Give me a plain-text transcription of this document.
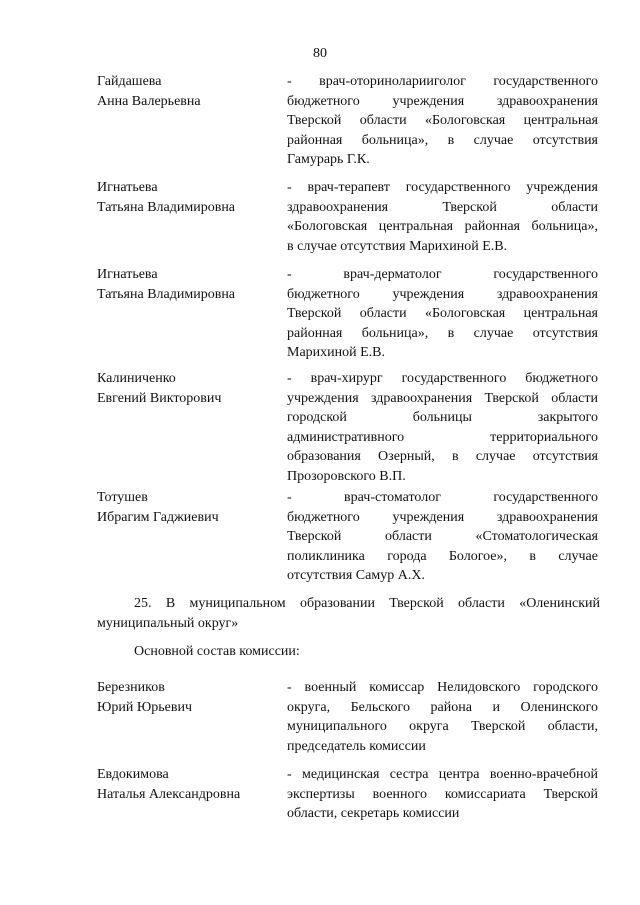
80
Гайдашева
Анна Валерьевна
- врач-оториноларииголог государственного
бюджетного учреждения здравоохранения
Тверской области «Бологовская центральная
районная больница», в случае отсутствия
Гамурарь Г.К.
Игнатьева
Татьяна Владимировна
- врач-терапевт государственного учреждения
здравоохранения Тверской области
«Бологовская центральная районная больница»,
в случае отсутствия Марихиной Е.В.
Игнатьева
Татьяна Владимировна
- врач-дерматолог государственного
бюджетного учреждения здравоохранения
Тверской области «Бологовская центральная
районная больница», в случае отсутствия
Марихиной Е.В.
Калиниченко
Евгений Викторович
- врач-хирург государственного бюджетного
учреждения здравоохранения Тверской области
городской больницы закрытого
административного территориального
образования Озерный, в случае отсутствия
Прозоровского В.П.
Тотушев
Ибрагим Гаджиевич
- врач-стоматолог государственного
бюджетного учреждения здравоохранения
Тверской области «Стоматологическая
поликлиника города Бологое», в случае
отсутствия Самур А.Х.
25. В муниципальном образовании Тверской области «Оленинский
муниципальный округ»
Основной состав комиссии:
Березников
Юрий Юрьевич
- военный комиссар Нелидовского городского
округа, Бельского района и Оленинского
муниципального округа Тверской области,
председатель комиссии
Евдокимова
Наталья Александровна
- медицинская сестра центра военно-врачебной
экспертизы военного комиссариата Тверской
области, секретарь комиссии
